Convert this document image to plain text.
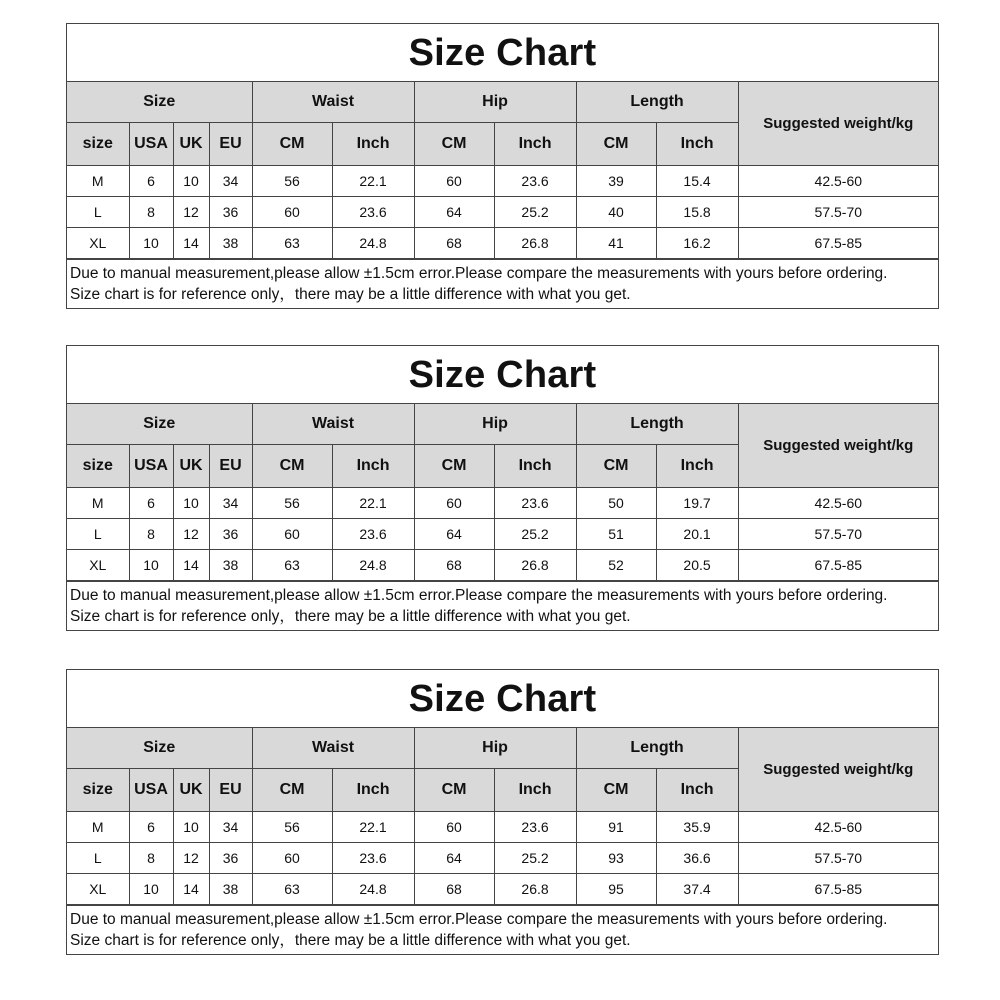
Size Chart
Size				Waist		Hip		Length		Suggested weight/kg
size	USA	UK	EU	CM	Inch	CM	Inch	CM	Inch	
M	6	10	34	56	22.1	60	23.6	39	15.4	42.5-60
L	8	12	36	60	23.6	64	25.2	40	15.8	57.5-70
XL	10	14	38	63	24.8	68	26.8	41	16.2	67.5-85
Due to manual measurement,please allow ±1.5cm error.Please compare the measurements with yours before ordering.
Size chart is for reference only，there may be a little difference with what you get.
Size Chart
Size				Waist		Hip		Length		Suggested weight/kg
size	USA	UK	EU	CM	Inch	CM	Inch	CM	Inch	
M	6	10	34	56	22.1	60	23.6	50	19.7	42.5-60
L	8	12	36	60	23.6	64	25.2	51	20.1	57.5-70
XL	10	14	38	63	24.8	68	26.8	52	20.5	67.5-85
Due to manual measurement,please allow ±1.5cm error.Please compare the measurements with yours before ordering.
Size chart is for reference only，there may be a little difference with what you get.
Size Chart
Size				Waist		Hip		Length		Suggested weight/kg
size	USA	UK	EU	CM	Inch	CM	Inch	CM	Inch	
M	6	10	34	56	22.1	60	23.6	91	35.9	42.5-60
L	8	12	36	60	23.6	64	25.2	93	36.6	57.5-70
XL	10	14	38	63	24.8	68	26.8	95	37.4	67.5-85
Due to manual measurement,please allow ±1.5cm error.Please compare the measurements with yours before ordering.
Size chart is for reference only，there may be a little difference with what you get.
